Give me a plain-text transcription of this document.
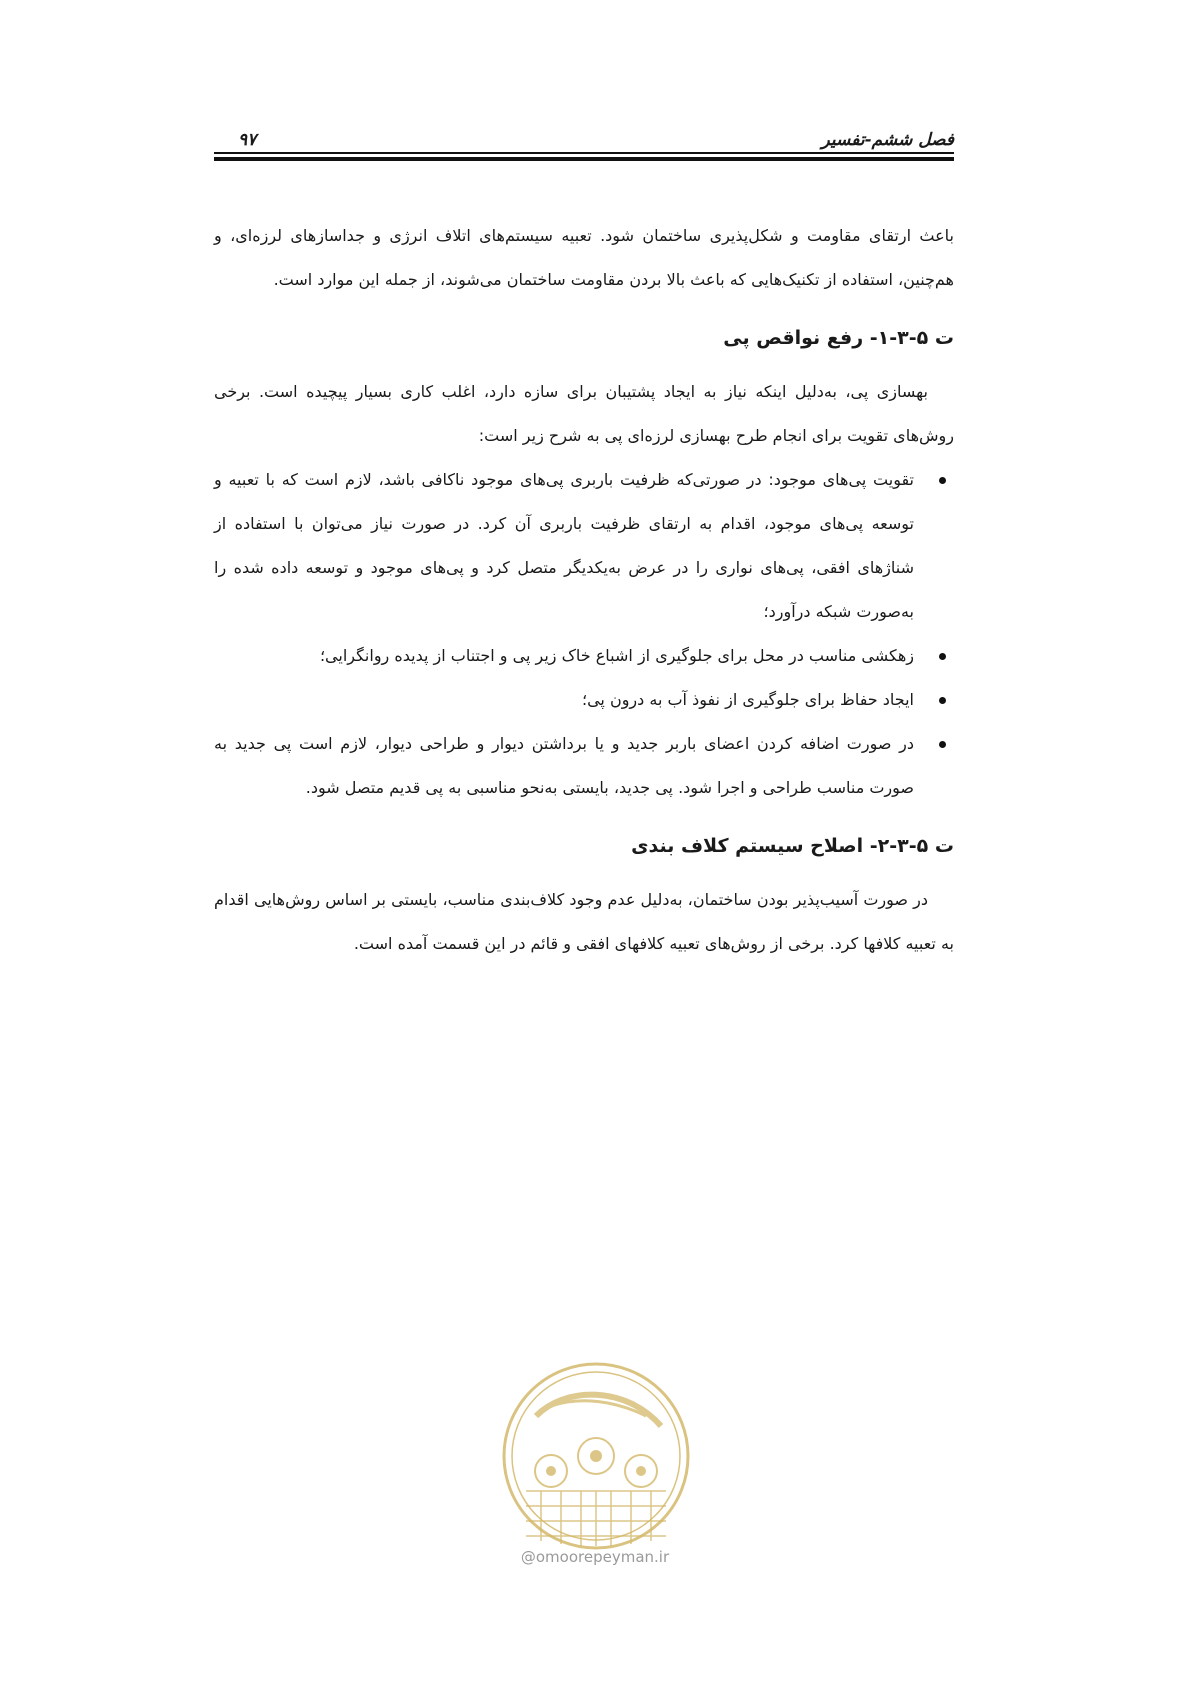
فصل ششم-تفسیر
۹۷

باعث ارتقای مقاومت و شکل‌پذیری ساختمان شود. تعبیه سیستم‌های اتلاف انرژی و جداسازهای لرزه‌ای، و هم‌چنین، استفاده از تکنیک‌هایی که باعث بالا بردن مقاومت ساختمان می‌شوند، از جمله این موارد است.

ت ۵-۳-۱- رفع نواقص پی

بهسازی پی، به‌دلیل اینکه نیاز به ایجاد پشتیبان برای سازه دارد، اغلب کاری بسیار پیچیده است. برخی روش‌های تقویت برای انجام طرح بهسازی لرزه‌ای پی به شرح زیر است:

تقویت پی‌های موجود: در صورتی‌که ظرفیت باربری پی‌های موجود ناکافی باشد، لازم است که با تعبیه و توسعه پی‌های موجود، اقدام به ارتقای ظرفیت باربری آن کرد. در صورت نیاز می‌توان با استفاده از شناژهای افقی، پی‌های نواری را در عرض به‌یکدیگر متصل کرد و پی‌های موجود و توسعه داده شده را به‌صورت شبکه درآورد؛
زهکشی مناسب در محل برای جلوگیری از اشباع خاک زیر پی و اجتناب از پدیده روانگرایی؛
ایجاد حفاظ برای جلوگیری از نفوذ آب به درون پی؛
در صورت اضافه کردن اعضای باربر جدید و یا برداشتن دیوار و طراحی دیوار، لازم است پی جدید به صورت مناسب طراحی و اجرا شود. پی جدید، بایستی به‌نحو مناسبی به پی قدیم متصل شود.
ت ۵-۳-۲- اصلاح سیستم کلاف بندی

در صورت آسیب‌پذیر بودن ساختمان، به‌دلیل عدم وجود کلاف‌بندی مناسب، بایستی بر اساس روش‌هایی اقدام به تعبیه کلافها کرد. برخی از روش‌های تعبیه کلافهای افقی و قائم در این قسمت آمده است.

@omoorepeyman.ir
